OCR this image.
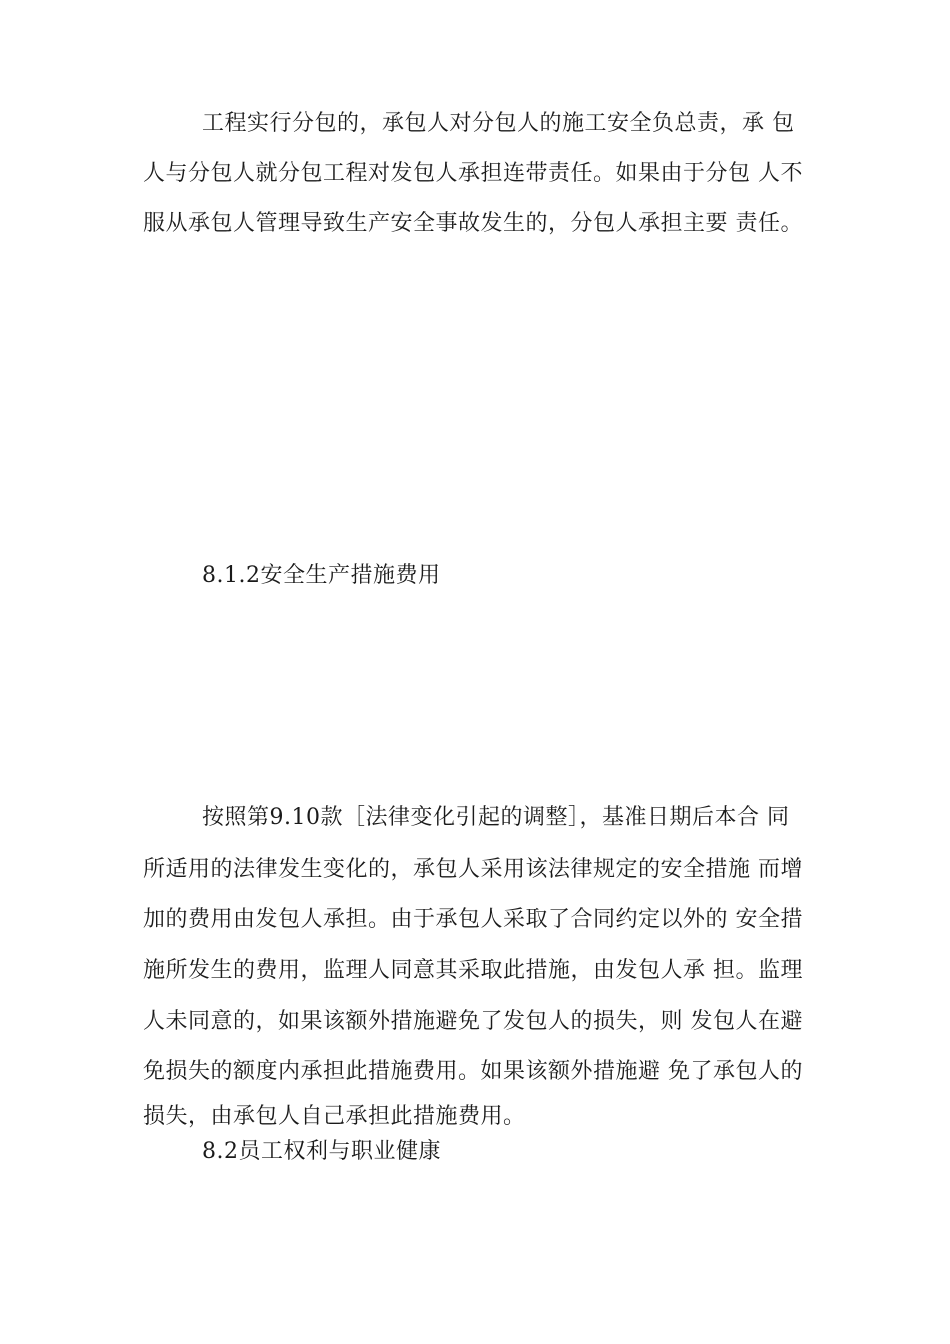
工程实行分包的，承包人对分包人的施工安全负总责，承 包
人与分包人就分包工程对发包人承担连带责任。如果由于分包 人不
服从承包人管理导致生产安全事故发生的，分包人承担主要 责任。
8.1.2安全生产措施费用
按照第9.10款［法律变化引起的调整］，基准日期后本合 同
所适用的法律发生变化的，承包人采用该法律规定的安全措施 而增
加的费用由发包人承担。由于承包人采取了合同约定以外的 安全措
施所发生的费用，监理人同意其采取此措施，由发包人承 担。监理
人未同意的，如果该额外措施避免了发包人的损失，则 发包人在避
免损失的额度内承担此措施费用。如果该额外措施避 免了承包人的
损失，由承包人自己承担此措施费用。
8.2员工权利与职业健康
